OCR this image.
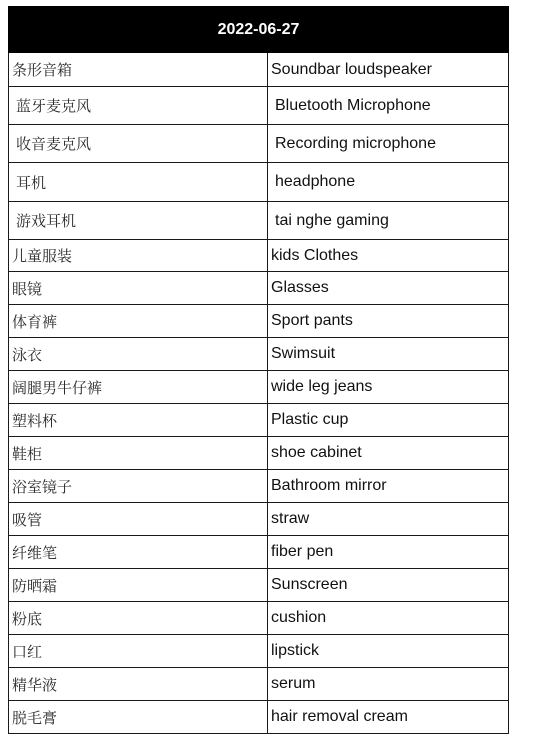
2022-06-27	
条形音箱	Soundbar loudspeaker
蓝牙麦克风	Bluetooth Microphone
收音麦克风	Recording microphone
耳机	headphone
游戏耳机	tai nghe gaming
儿童服装	kids Clothes
眼镜	Glasses
体育裤	Sport pants
泳衣	Swimsuit
阔腿男牛仔裤	wide leg jeans
塑料杯	Plastic cup
鞋柜	shoe cabinet
浴室镜子	Bathroom mirror
吸管	straw
纤维笔	fiber pen
防晒霜	Sunscreen
粉底	cushion
口红	lipstick
精华液	serum
脱毛膏	hair removal cream
